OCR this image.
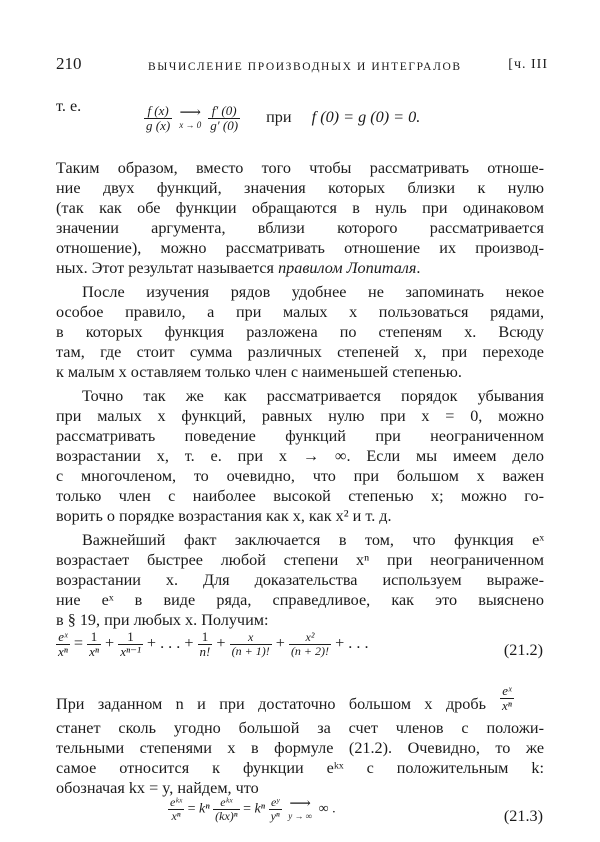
210	ВЫЧИСЛЕНИЕ ПРОИЗВОДНЫХ И ИНТЕГРАЛОВ	[ч. III
т. е.	$\frac{f (x)}{g (x)}$
⟶
x → 0
$\frac{f' (0)}{g' (0)}$ при f (0) = g (0) = 0.
Таким образом, вместо того чтобы рассматривать отноше-
ние двух функций, значения которых близки к нулю
(так как обе функции обращаются в нуль при одинаковом
значении аргумента, вблизи которого рассматривается
отношение), можно рассматривать отношение их производ-
ных. Этот результат называется правилом Лопиталя.
После изучения рядов удобнее не запоминать некое
особое правило, а при малых x пользоваться рядами,
в которых функция разложена по степеням x. Всюду
там, где стоит сумма различных степеней x, при переходе
к малым x оставляем только член с наименьшей степенью.
Точно так же как рассматривается порядок убывания
при малых x функций, равных нулю при x = 0, можно
рассматривать поведение функций при неограниченном
возрастании x, т. е. при x → ∞. Если мы имеем дело
с многочленом, то очевидно, что при большом x важен
только член с наиболее высокой степенью x; можно го-
ворить о порядке возрастания как x, как x² и т. д.
Важнейший факт заключается в том, что функция eˣ
возрастает быстрее любой степени xⁿ при неограниченном
возрастании x. Для доказательства используем выраже-
ние eˣ в виде ряда, справедливое, как это выяснено
в § 19, при любых x. Получим:
$\frac{\text{eˣ}}{\text{xⁿ}} = \frac{1}{\text{xⁿ}} + \frac{1}{\text{xⁿ⁻¹}}$ + . . . + $\frac{1}{n!} + \frac{x}{(n + 1)!} + \frac{\text{x²}}{(n + 2)!}$ + . . .	(21.2)
При заданном n и при достаточно большом x дробь $\frac{\text{eˣ}}{\text{xⁿ}}$
станет сколь угодно большой за счет членов с положи-
тельными степенями x в формуле (21.2). Очевидно, то же
самое относится к функции eᵏˣ с положительным k:
обозначая kx = y, найдем, что
$\frac{\text{eᵏˣ}}{\text{xⁿ}} = k^n \frac{\text{eᵏˣ}}{\text{(kx)ⁿ}} = k^n \frac{\text{eʸ}}{\text{yⁿ}}$
⟶
y → ∞ ∞ .	(21.3)
